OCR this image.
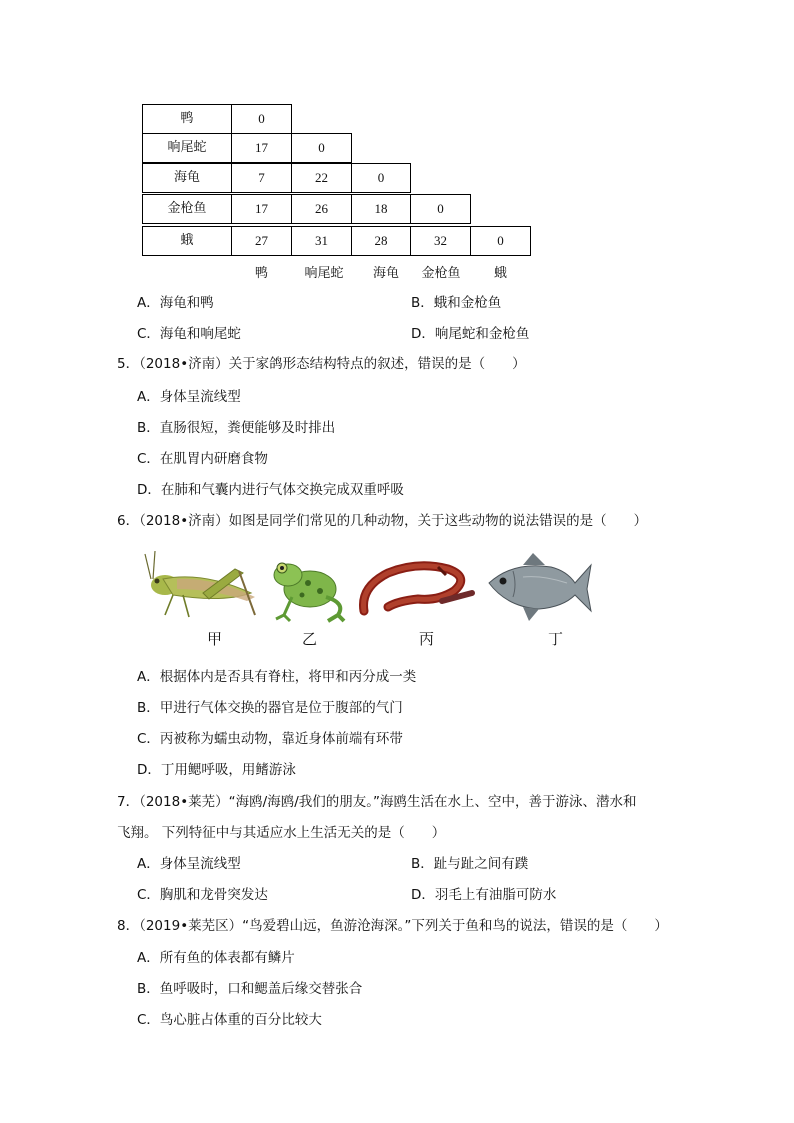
鸭	0
响尾蛇	17	0
海龟	7	22	0
金枪鱼	17	26	18	0
蛾	27	31	28	32	0
鸭	响尾蛇	海龟	金枪鱼	蛾
A．海龟和鸭	B．蛾和金枪鱼
C．海龟和响尾蛇	D．响尾蛇和金枪鱼
5．（2018•济南）关于家鸽形态结构特点的叙述，错误的是（　　）
A．身体呈流线型
B．直肠很短，粪便能够及时排出
C．在肌胃内研磨食物
D．在肺和气囊内进行气体交换完成双重呼吸
6．（2018•济南）如图是同学们常见的几种动物，关于这些动物的说法错误的是（　　）
甲	乙	丙	丁
A．根据体内是否具有脊柱，将甲和丙分成一类
B．甲进行气体交换的器官是位于腹部的气门
C．丙被称为蠕虫动物，靠近身体前端有环带
D．丁用鳃呼吸，用鳍游泳
7．（2018•莱芜）“海鸥/海鸥/我们的朋友。”海鸥生活在水上、空中，善于游泳、潜水和
飞翔。 下列特征中与其适应水上生活无关的是（　　）
A．身体呈流线型	B．趾与趾之间有蹼
C．胸肌和龙骨突发达	D．羽毛上有油脂可防水
8．（2019•莱芜区）“鸟爱碧山远，鱼游沧海深。”下列关于鱼和鸟的说法，错误的是（　　）
A．所有鱼的体表都有鳞片
B．鱼呼吸时，口和鳃盖后缘交替张合
C．鸟心脏占体重的百分比较大
